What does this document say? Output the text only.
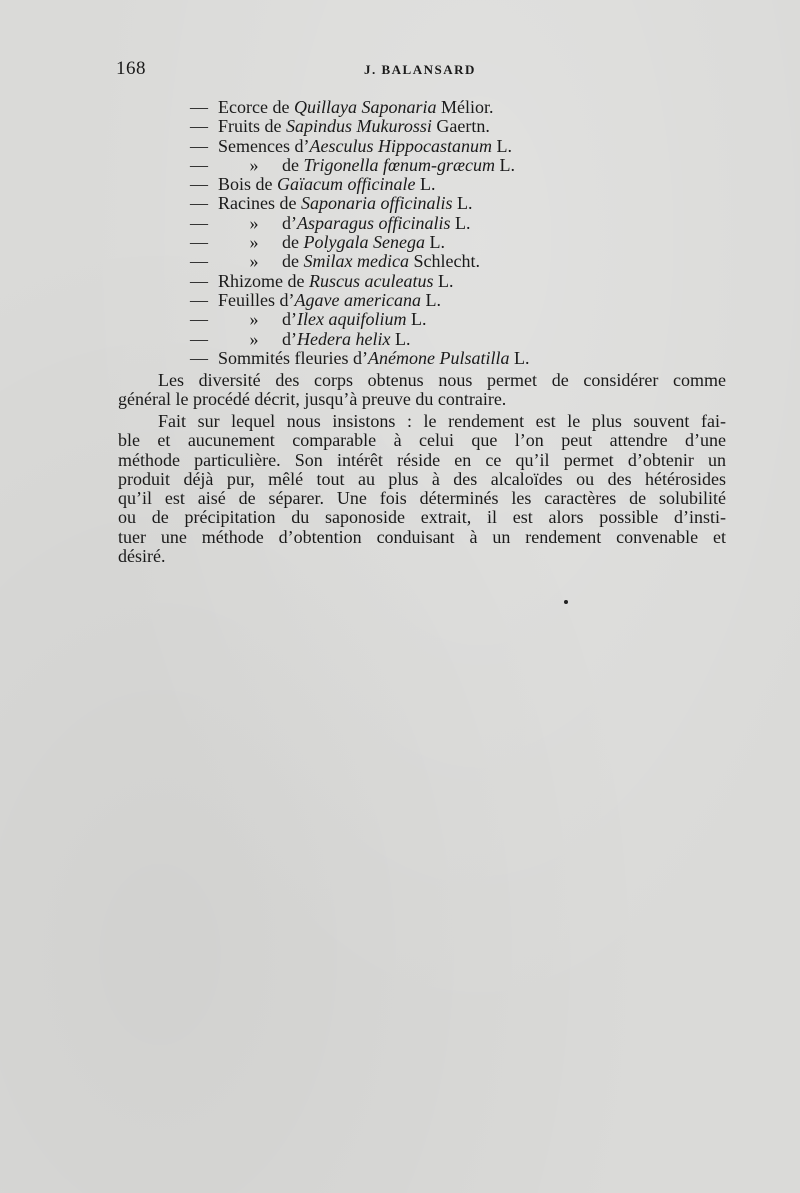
168	J. BALANSARD
— Ecorce de Quillaya Saponaria Mélior.
— Fruits de Sapindus Mukurossi Gaertn.
— Semences d’Aesculus Hippocastanum L.
— » de Trigonella fœnum-græcum L.
— Bois de Gaïacum officinale L.
— Racines de Saponaria officinalis L.
— » d’Asparagus officinalis L.
— » de Polygala Senega L.
— » de Smilax medica Schlecht.
— Rhizome de Ruscus aculeatus L.
— Feuilles d’Agave americana L.
— » d’Ilex aquifolium L.
— » d’Hedera helix L.
— Sommités fleuries d’Anémone Pulsatilla L.

Les diversité des corps obtenus nous permet de considérer comme
général le procédé décrit, jusqu’à preuve du contraire.

Fait sur lequel nous insistons : le rendement est le plus souvent fai-
ble et aucunement comparable à celui que l’on peut attendre d’une
méthode particulière. Son intérêt réside en ce qu’il permet d’obtenir un
produit déjà pur, mêlé tout au plus à des alcaloïdes ou des hétérosides
qu’il est aisé de séparer. Une fois déterminés les caractères de solubilité
ou de précipitation du saponoside extrait, il est alors possible d’insti-
tuer une méthode d’obtention conduisant à un rendement convenable et
désiré.
